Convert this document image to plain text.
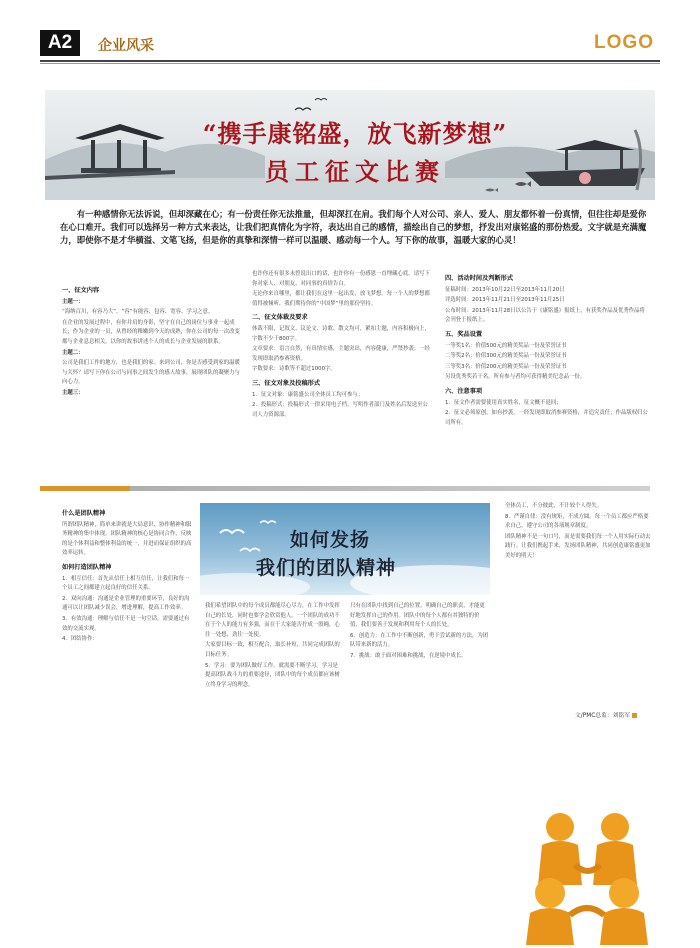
A2	企业风采	LOGO
“携手康铭盛，放飞新梦想”
员工征文比赛

有一种感情你无法诉说，但却深藏在心；有一份责任你无法推量，但却深扛在肩。我们每个人对公司、亲人、爱人、朋友都怀着一份真情，但往往却是爱你在心口难开。我们可以选择另一种方式来表达，让我们把真情化为字符，表达出自己的感情，描绘出自己的梦想，抒发出对康铭盛的那份热爱。文字就是充满魔力，即使你不是才华横溢、文笔飞扬，但是你的真挚和深情一样可以温暖、感动每一个人。写下你的故事，温暖大家的心灵！

一、征文内容

主题一：

“海纳百川，有容乃大”，“容”有能容、包容、宽容、学习之意。

在企业的发展过程中，有你并肩的身影，坚守在自己的岗位与事业一起成长；作为企业的一员，从曾经的稚嫩到今天的成熟，你在公司的每一次改变都与企业息息相关，以你的故事讲述个人的成长与企业发展的联系。

主题二：

公司是我们工作的地方，也是我们的家。来到公司，你是否感受到家的温暖与关怀？请写下你在公司与同事之间发生的感人故事，展现团队的凝聚力与向心力。

主题三：

也许你还有很多未曾说出口的话，也许你有一份感恩一直埋藏心底。请写下你对家人、对朋友、对同事的真情告白。

无论你来自哪里，都让我们在这里一起出发，放飞梦想。每一个人的梦想都值得被倾听，我们期待你的“中国梦”里的那份坚持。

二、征文体裁及要求

体裁不限，记叙文、议论文、诗歌、散文均可，紧扣主题，内容积极向上，字数不少于800字。

文章要求：语言自然，有真情实感，主题突出，内容健康，严禁抄袭；一经发现即取消参赛资格。

字数要求：诗歌等不超过1000字。

三、征文对象及投稿形式

1．征文对象：康铭盛公司全体员工均可参与；

2．投稿形式：投稿形式一律采用电子档，写明作者部门及姓名后发送至公司人力资源部。

四、活动时间及判断形式

征稿时间：2013年10月22日至2013年11月20日

评选时间：2013年11月21日至2013年11月25日

公布时间：2013年11月28日以公告于《康铭盛》报纸上，有获奖作品及优秀作品将会刊登于报纸上。

五、奖品设置

一等奖1名：价值500元的精美奖品一份及荣誉证书

二等奖2名：价值300元的精美奖品一份及荣誉证书

三等奖3名：价值200元的精美奖品一份及荣誉证书

另设优秀奖若干名，所有参与者均可获得精美纪念品一份。

六、注意事项

1．征文作者需要使用真实姓名，征文概不退回；

2．征文必须原创，如有抄袭，一经发现即取消参赛资格，并追究责任；作品版权归公司所有。

什么是团队精神

所谓团队精神，简单来讲就是大局意识、协作精神和服务精神的集中体现。团队精神的核心是协同合作，反映的是个体利益和整体利益的统一，并进而保证组织的高效率运转。

如何打造团队精神

1．相互信任：首先从信任上相互信任，让我们和每一个员工之间都建立起良好的信任关系。

2．双向沟通：沟通是企业管理的重要环节，良好的沟通可以让团队减少误会，增进理解，提高工作效率。

3．有效沟通：理解与信任不是一句空话，需要通过有效的交流实现。

4．团结协作：

如何发扬
我们的团队精神

我们希望团队中的每个成员都能尽心尽力，在工作中发挥自己的长处，同时也要学会欣赏他人。一个团队的成功不在于个人的能力有多强，而在于大家能否拧成一股绳，心往一处想，劲往一处使。

大家要目标一致，相互配合，取长补短，共同完成团队的目标任务。

5．学习：要为团队做好工作，就需要不断学习。学习是提高团队战斗力的重要途径，团队中的每个成员都应该树立终身学习的理念。

只有在团队中找到自己的位置，明确自己的职责，才能更好地发挥自己的作用。团队中的每个人都有其独特的价值，我们要善于发现和利用每个人的长处。

6．创造力：在工作中不断创新，勇于尝试新的方法，为团队带来新的活力。

7．挑战：敢于面对困难和挑战，在逆境中成长。

全体员工，不分彼此，不计较个人得失。

8．严谨自律：没有规矩，不成方圆。每一个员工都应严格要求自己，遵守公司的各项规章制度。

团队精神不是一句口号，而是需要我们每一个人用实际行动去践行。让我们携起手来，发扬团队精神，共同创造康铭盛更加美好的明天！

文/PMC总监：刘铭军
